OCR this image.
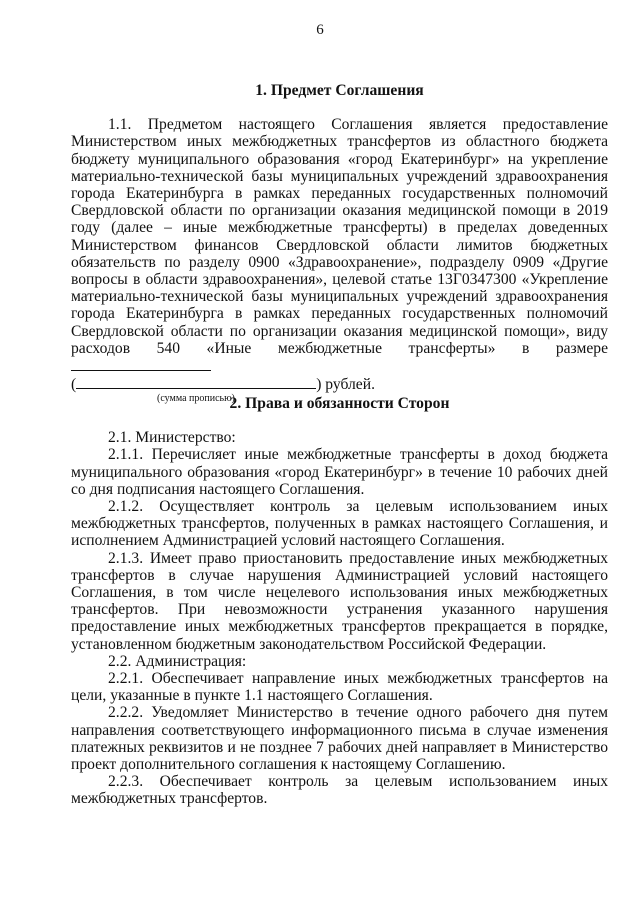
6

1. Предмет Соглашения

1.1. Предметом настоящего Соглашения является предоставление Министерством иных межбюджетных трансфертов из областного бюджета бюджету муниципального образования «город Екатеринбург» на укрепление материально-технической базы муниципальных учреждений здравоохранения города Екатеринбурга в рамках переданных государственных полномочий Свердловской области по организации оказания медицинской помощи в 2019 году (далее – иные межбюджетные трансферты) в пределах доведенных Министерством финансов Свердловской области лимитов бюджетных обязательств по разделу 0900 «Здравоохранение», подразделу 0909 «Другие вопросы в области здравоохранения», целевой статье 13Г0347300 «Укрепление материально-технической базы муниципальных учреждений здравоохранения города Екатеринбурга в рамках переданных государственных полномочий Свердловской области по организации оказания медицинской помощи», виду расходов 540 «Иные межбюджетные трансферты» в размере

(	) рублей.

(сумма прописью)

2. Права и обязанности Сторон

2.1. Министерство:

2.1.1. Перечисляет иные межбюджетные трансферты в доход бюджета муниципального образования «город Екатеринбург» в течение 10 рабочих дней со дня подписания настоящего Соглашения.

2.1.2. Осуществляет контроль за целевым использованием иных межбюджетных трансфертов, полученных в рамках настоящего Соглашения, и исполнением Администрацией условий настоящего Соглашения.

2.1.3. Имеет право приостановить предоставление иных межбюджетных трансфертов в случае нарушения Администрацией условий настоящего Соглашения, в том числе нецелевого использования иных межбюджетных трансфертов. При невозможности устранения указанного нарушения предоставление иных межбюджетных трансфертов прекращается в порядке, установленном бюджетным законодательством Российской Федерации.

2.2. Администрация:

2.2.1. Обеспечивает направление иных межбюджетных трансфертов на цели, указанные в пункте 1.1 настоящего Соглашения.

2.2.2. Уведомляет Министерство в течение одного рабочего дня путем направления соответствующего информационного письма в случае изменения платежных реквизитов и не позднее 7 рабочих дней направляет в Министерство проект дополнительного соглашения к настоящему Соглашению.

2.2.3. Обеспечивает контроль за целевым использованием иных межбюджетных трансфертов.
